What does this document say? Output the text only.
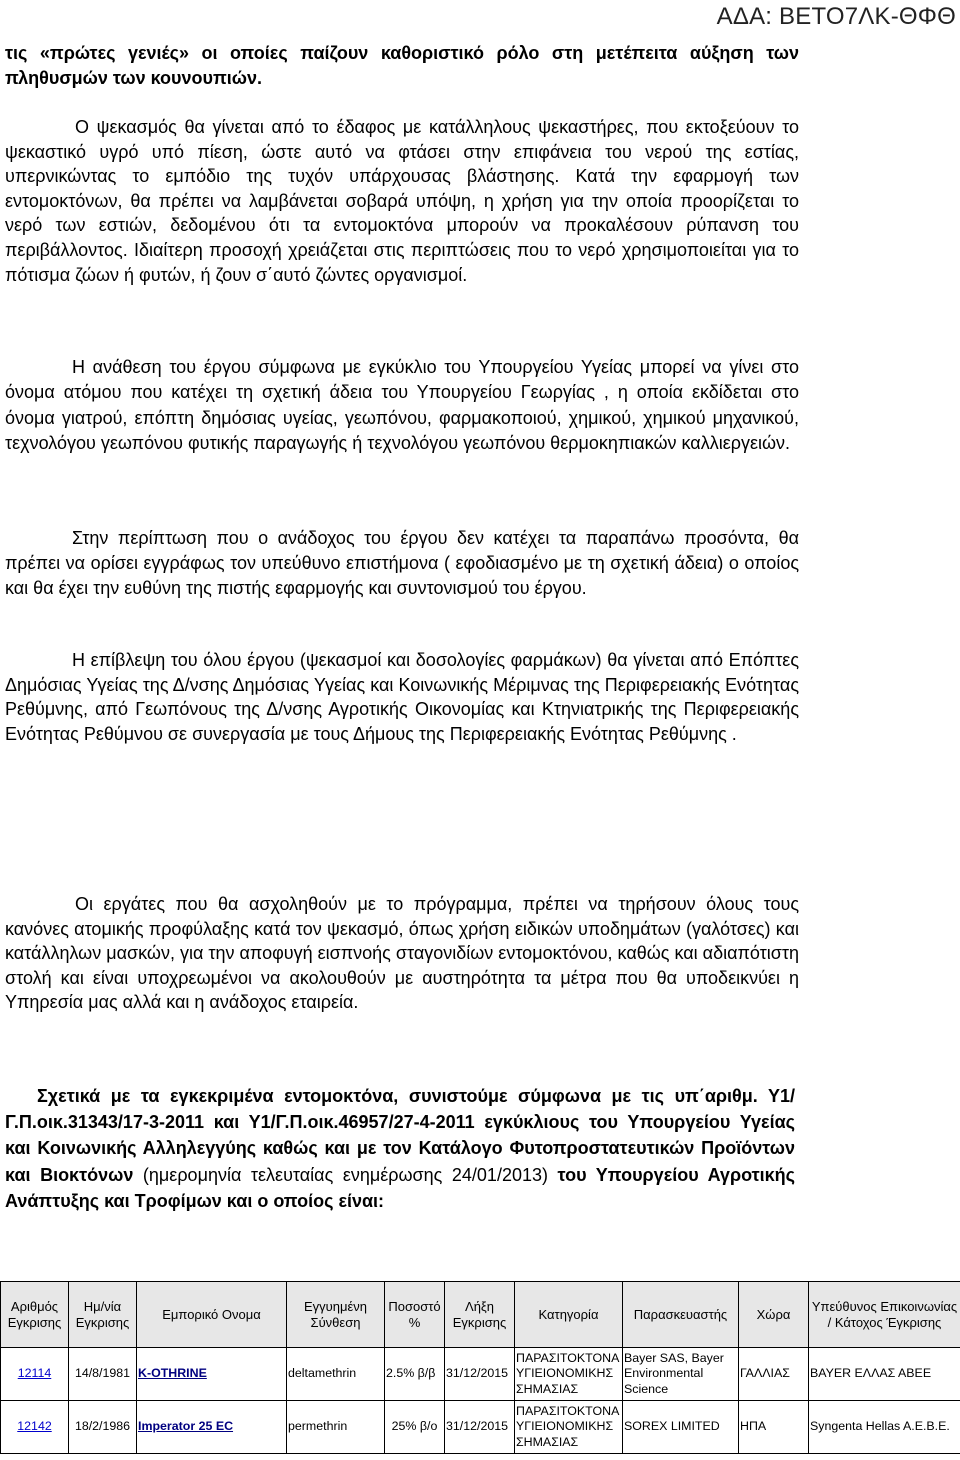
ΑΔΑ: ΒΕΤΟ7ΛΚ-ΘΦΘ
τις «πρώτες γενιές» οι οποίες παίζουν καθοριστικό ρόλο στη μετέπειτα αύξηση των πληθυσμών των κουνουπιών.
Ο ψεκασμός θα γίνεται από το έδαφος με κατάλληλους ψεκαστήρες, που εκτοξεύουν το ψεκαστικό υγρό υπό πίεση, ώστε αυτό να φτάσει στην επιφάνεια του νερού της εστίας, υπερνικώντας το εμπόδιο της τυχόν υπάρχουσας βλάστησης. Κατά την εφαρμογή των εντομοκτόνων, θα πρέπει να λαμβάνεται σοβαρά υπόψη, η χρήση για την οποία προορίζεται το νερό των εστιών, δεδομένου ότι τα εντομοκτόνα μπορούν να προκαλέσουν ρύπανση του περιβάλλοντος. Ιδιαίτερη προσοχή χρειάζεται στις περιπτώσεις που το νερό χρησιμοποιείται για το πότισμα ζώων ή φυτών, ή ζουν σ΄αυτό ζώντες οργανισμοί.
Η ανάθεση του έργου σύμφωνα με εγκύκλιο του Υπουργείου Υγείας μπορεί να γίνει στο όνομα ατόμου που κατέχει τη σχετική άδεια του Υπουργείου Γεωργίας , η οποία εκδίδεται στο όνομα γιατρού, επόπτη δημόσιας υγείας, γεωπόνου, φαρμακοποιού, χημικού, χημικού μηχανικού, τεχνολόγου γεωπόνου φυτικής παραγωγής ή τεχνολόγου γεωπόνου θερμοκηπιακών καλλιεργειών.
Στην περίπτωση που ο ανάδοχος του έργου δεν κατέχει τα παραπάνω προσόντα, θα πρέπει να ορίσει εγγράφως τον υπεύθυνο επιστήμονα ( εφοδιασμένο με τη σχετική άδεια) ο οποίος και θα έχει την ευθύνη της πιστής εφαρμογής και συντονισμού του έργου.
Η επίβλεψη του όλου έργου (ψεκασμοί και δοσολογίες φαρμάκων) θα γίνεται από Επόπτες Δημόσιας Υγείας της Δ/νσης Δημόσιας Υγείας και Κοινωνικής Μέριμνας της Περιφερειακής Ενότητας Ρεθύμνης, από Γεωπόνους της Δ/νσης Αγροτικής Οικονομίας και Κτηνιατρικής της Περιφερειακής Ενότητας Ρεθύμνου σε συνεργασία με τους Δήμους της Περιφερειακής Ενότητας Ρεθύμνης .
Οι εργάτες που θα ασχοληθούν με το πρόγραμμα, πρέπει να τηρήσουν όλους τους κανόνες ατομικής προφύλαξης κατά τον ψεκασμό, όπως χρήση ειδικών υποδημάτων (γαλότσες) και κατάλληλων μασκών, για την αποφυγή εισπνοής σταγονιδίων εντομοκτόνου, καθώς και αδιαπότιστη στολή και είναι υποχρεωμένοι να ακολουθούν με αυστηρότητα τα μέτρα που θα υποδεικνύει η Υπηρεσία μας αλλά και η ανάδοχος εταιρεία.
Σχετικά με τα εγκεκριμένα εντομοκτόνα, συνιστούμε σύμφωνα με τις υπ΄αριθμ. Υ1/Γ.Π.οικ.31343/17-3-2011 και Υ1/Γ.Π.οικ.46957/27-4-2011 εγκύκλιους του Υπουργείου Υγείας και Κοινωνικής Αλληλεγγύης καθώς και με τον Κατάλογο Φυτοπροστατευτικών Προϊόντων και Βιοκτόνων (ημερομηνία τελευταίας ενημέρωσης 24/01/2013) του Υπουργείου Αγροτικής Ανάπτυξης και Τροφίμων και ο οποίος είναι:
Αριθμός Εγκρισης	Ημ/νία Εγκρισης	Εμπορικό Ονομα	Εγγυημένη Σύνθεση	Ποσοστό %	Λήξη Εγκρισης	Κατηγορία	Παρασκευαστής	Χώρα	Υπεύθυνος Επικοινωνίας / Κάτοχος Έγκρισης
12114	14/8/1981	K-OTHRINE	deltamethrin	2.5% β/β	31/12/2015	ΠΑΡΑΣΙΤΟΚΤΟΝΑ ΥΓΙΕΙΟΝΟΜΙΚΗΣ ΣΗΜΑΣΙΑΣ	Bayer SAS, Bayer Environmental Science	ΓΑΛΛΙΑΣ	BAYER ΕΛΛΑΣ ΑΒΕΕ
12142	18/2/1986	Imperator 25 EC	permethrin	25% β/ο	31/12/2015	ΠΑΡΑΣΙΤΟΚΤΟΝΑ ΥΓΙΕΙΟΝΟΜΙΚΗΣ ΣΗΜΑΣΙΑΣ	SOREX LIMITED	ΗΠΑ	Syngenta Hellas A.E.B.E.
